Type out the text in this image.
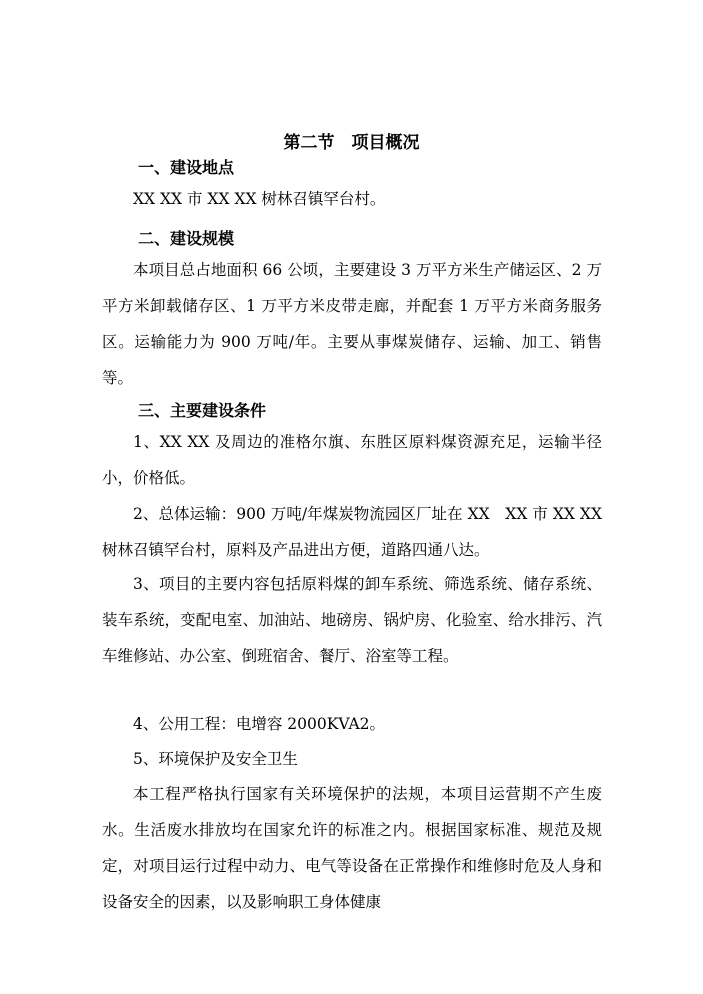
第二节　项目概况
一、建设地点

XX XX 市 XX XX 树林召镇罕台村。

二、建设规模

本项目总占地面积 66 公顷，主要建设 3 万平方米生产储运区、2 万平方米卸载储存区、1 万平方米皮带走廊，并配套 1 万平方米商务服务区。运输能力为 900 万吨/年。主要从事煤炭储存、运输、加工、销售等。

三、主要建设条件

1、XX XX 及周边的准格尔旗、东胜区原料煤资源充足，运输半径小，价格低。

2、总体运输：900 万吨/年煤炭物流园区厂址在 XX　XX 市 XX XX 树林召镇罕台村，原料及产品进出方便，道路四通八达。

3、项目的主要内容包括原料煤的卸车系统、筛选系统、储存系统、装车系统，变配电室、加油站、地磅房、锅炉房、化验室、给水排污、汽车维修站、办公室、倒班宿舍、餐厅、浴室等工程。

4、公用工程：电增容 2000KVA2。

5、环境保护及安全卫生

本工程严格执行国家有关环境保护的法规，本项目运营期不产生废水。生活废水排放均在国家允许的标准之内。根据国家标准、规范及规定，对项目运行过程中动力、电气等设备在正常操作和维修时危及人身和设备安全的因素，以及影响职工身体健康
